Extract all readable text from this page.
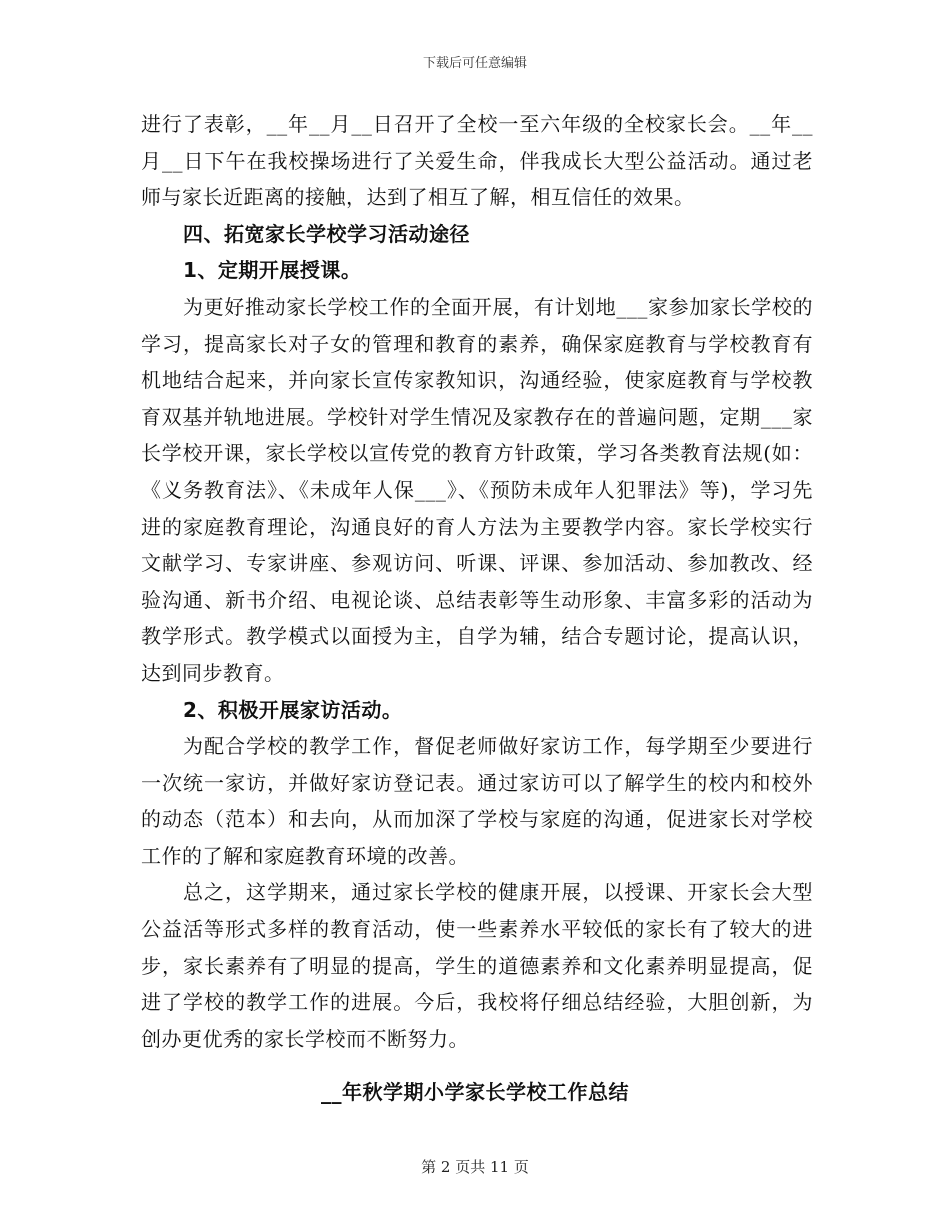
下载后可任意编辑

进行了表彰，__年__月__日召开了全校一至六年级的全校家长会。__年__月__日下午在我校操场进行了关爱生命，伴我成长大型公益活动。通过老师与家长近距离的接触，达到了相互了解，相互信任的效果。

四、拓宽家长学校学习活动途径

1、定期开展授课。

为更好推动家长学校工作的全面开展，有计划地___家参加家长学校的学习，提高家长对子女的管理和教育的素养，确保家庭教育与学校教育有机地结合起来，并向家长宣传家教知识，沟通经验，使家庭教育与学校教育双基并轨地进展。学校针对学生情况及家教存在的普遍问题，定期___家长学校开课，家长学校以宣传党的教育方针政策，学习各类教育法规(如：《义务教育法》、《未成年人保___》、《预防未成年人犯罪法》等)，学习先进的家庭教育理论，沟通良好的育人方法为主要教学内容。家长学校实行文献学习、专家讲座、参观访问、听课、评课、参加活动、参加教改、经验沟通、新书介绍、电视论谈、总结表彰等生动形象、丰富多彩的活动为教学形式。教学模式以面授为主，自学为辅，结合专题讨论，提高认识，达到同步教育。

2、积极开展家访活动。

为配合学校的教学工作，督促老师做好家访工作，每学期至少要进行一次统一家访，并做好家访登记表。通过家访可以了解学生的校内和校外的动态（范本）和去向，从而加深了学校与家庭的沟通，促进家长对学校工作的了解和家庭教育环境的改善。

总之，这学期来，通过家长学校的健康开展，以授课、开家长会大型公益活等形式多样的教育活动，使一些素养水平较低的家长有了较大的进步，家长素养有了明显的提高，学生的道德素养和文化素养明显提高，促进了学校的教学工作的进展。今后，我校将仔细总结经验，大胆创新，为创办更优秀的家长学校而不断努力。

__年秋学期小学家长学校工作总结
第 2 页共 11 页
